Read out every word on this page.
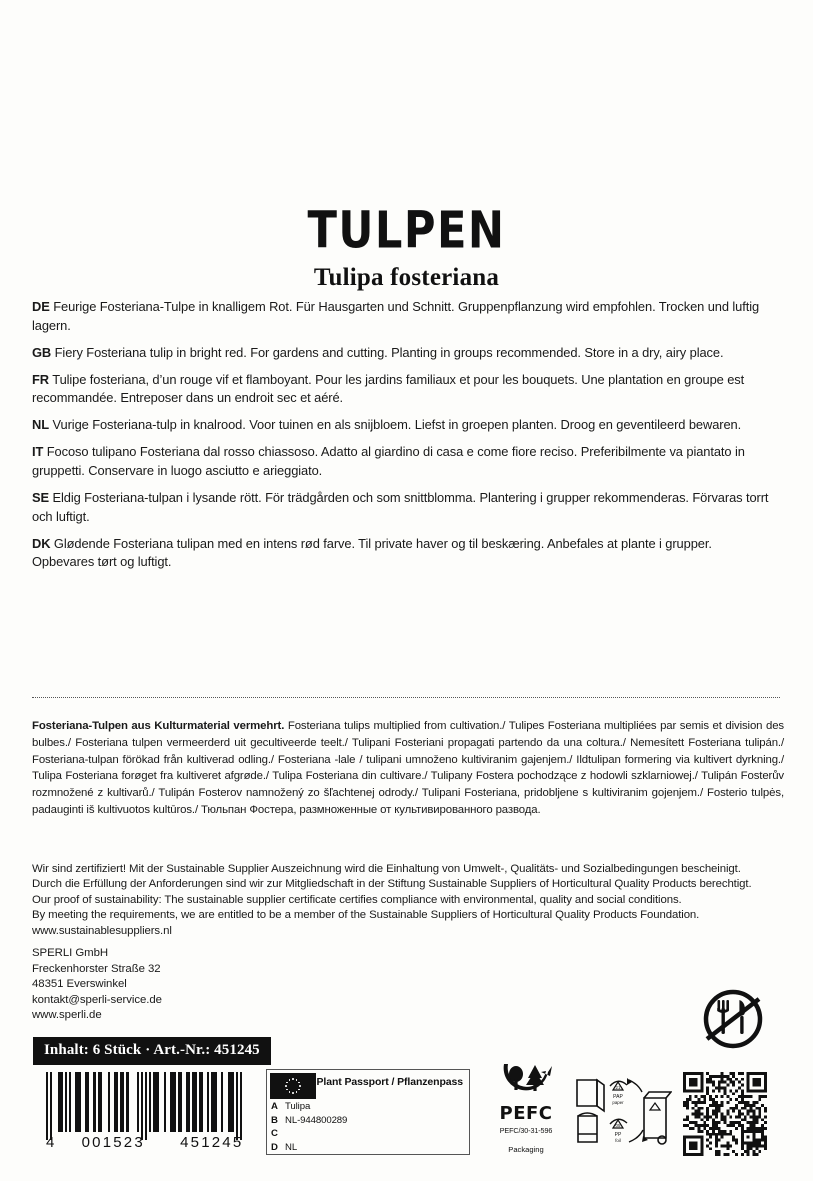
TULPEN
Tulipa fosteriana
DE Feurige Fosteriana-Tulpe in knalligem Rot. Für Hausgarten und Schnitt. Gruppenpflanzung wird empfohlen. Trocken und luftig lagern.
GB Fiery Fosteriana tulip in bright red. For gardens and cutting. Planting in groups recommended. Store in a dry, airy place.
FR Tulipe fosteriana, d’un rouge vif et flamboyant. Pour les jardins familiaux et pour les bouquets. Une plantation en groupe est recommandée. Entreposer dans un endroit sec et aéré.
NL Vurige Fosteriana-tulp in knalrood. Voor tuinen en als snijbloem. Liefst in groepen planten. Droog en geventileerd bewaren.
IT Focoso tulipano Fosteriana dal rosso chiassoso. Adatto al giardino di casa e come fiore reciso. Preferibilmente va piantato in gruppetti. Conservare in luogo asciutto e arieggiato.
SE Eldig Fosteriana-tulpan i lysande rött. För trädgården och som snittblomma. Plantering i grupper rekommenderas. Förvaras torrt och luftigt.
DK Glødende Fosteriana tulipan med en intens rød farve. Til private haver og til beskæring. Anbefales at plante i grupper. Opbevares tørt og luftigt.
Fosteriana-Tulpen aus Kulturmaterial vermehrt. Fosteriana tulips multiplied from cultivation./ Tulipes Fosteriana multipliées par semis et division des bulbes./ Fosteriana tulpen vermeerderd uit gecultiveerde teelt./ Tulipani Fosteriani propagati partendo da una coltura./ Nemesített Fosteriana tulipán./ Fosteriana-tulpan förökad från kultiverad odling./ Fosteriana -lale / tulipani umnoženo kultiviranim gajenjem./ Ildtulipan formering via kultivert dyrkning./ Tulipa Fosteriana forøget fra kultiveret afgrøde./ Tulipa Fosteriana din cultivare./ Tulipany Fostera pochodzące z hodowli szklarniowej./ Tulipán Fosterův rozmnožené z kultivarů./ Tulipán Fosterov namnožený zo šľachtenej odrody./ Tulipani Fosteriana, pridobljene s kultiviranim gojenjem./ Fosterio tulpės, padauginti iš kultivuotos kultūros./ Тюльпан Фостера, размноженные от культивированного развода.
Wir sind zertifiziert! Mit der Sustainable Supplier Auszeichnung wird die Einhaltung von Umwelt-, Qualitäts- und Sozialbedingungen bescheinigt.
Durch die Erfüllung der Anforderungen sind wir zur Mitgliedschaft in der Stiftung Sustainable Suppliers of Horticultural Quality Products berechtigt.
Our proof of sustainability: The sustainable supplier certificate certifies compliance with environmental, quality and social conditions.
By meeting the requirements, we are entitled to be a member of the Sustainable Suppliers of Horticultural Quality Products Foundation.
www.sustainablesuppliers.nl
SPERLI GmbH
Freckenhorster Straße 32
48351 Everswinkel
kontakt@sperli-service.de
www.sperli.de
Inhalt: 6 Stück · Art.-Nr.: 451245
4	001523	451245
Plant Passport / Pflanzenpass
A Tulipa
B NL-944800289
C
D NL
PEFC
PEFC/30-31-596
Packaging
21
PAP
paper
05
PP
foil
